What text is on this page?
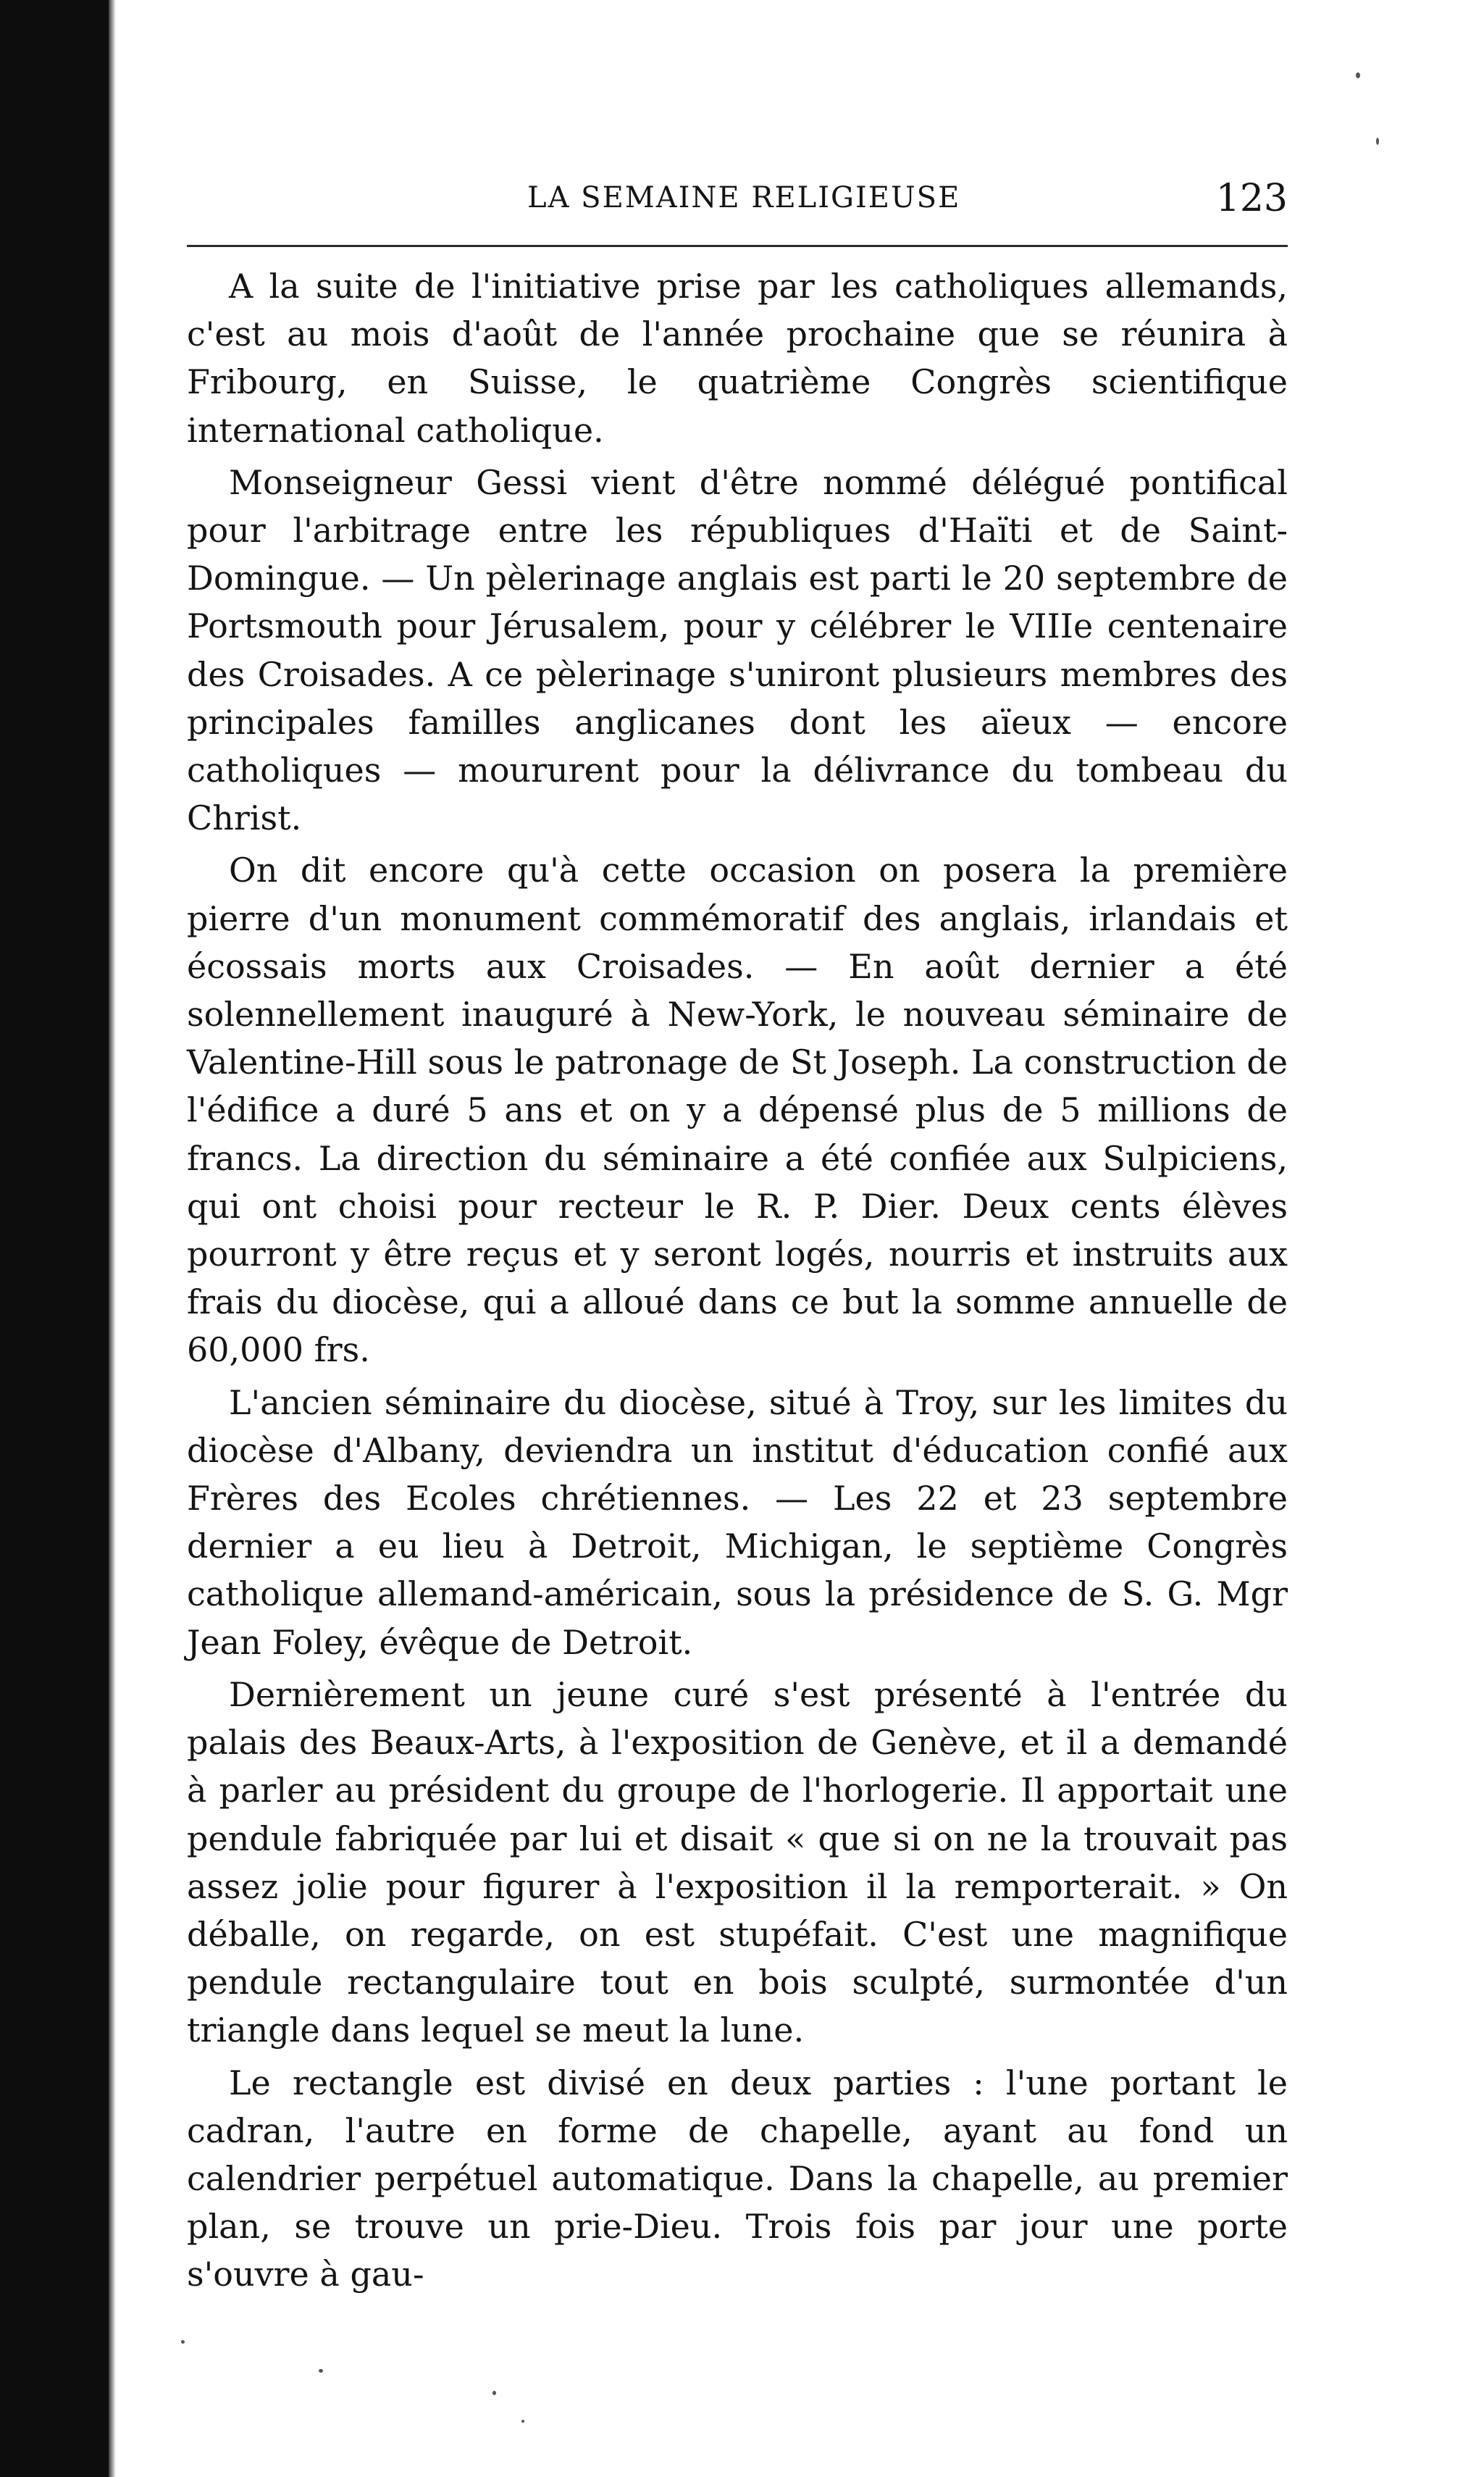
LA SEMAINE RELIGIEUSE	123

A la suite de l'initiative prise par les catholiques allemands, c'est au mois d'août de l'année prochaine que se réunira à Fribourg, en Suisse, le quatrième Congrès scientifique international catholique.

Monseigneur Gessi vient d'être nommé délégué pontifical pour l'arbitrage entre les républiques d'Haïti et de Saint-Domingue. — Un pèlerinage anglais est parti le 20 septembre de Portsmouth pour Jérusalem, pour y célébrer le VIIIe centenaire des Croisades. A ce pèlerinage s'uniront plusieurs membres des principales familles anglicanes dont les aïeux — encore catholiques — moururent pour la délivrance du tombeau du Christ.

On dit encore qu'à cette occasion on posera la première pierre d'un monument commémoratif des anglais, irlandais et écossais morts aux Croisades. — En août dernier a été solennellement inauguré à New-York, le nouveau séminaire de Valentine-Hill sous le patronage de St Joseph. La construction de l'édifice a duré 5 ans et on y a dépensé plus de 5 millions de francs. La direction du séminaire a été confiée aux Sulpiciens, qui ont choisi pour recteur le R. P. Dier. Deux cents élèves pourront y être reçus et y seront logés, nourris et instruits aux frais du diocèse, qui a alloué dans ce but la somme annuelle de 60,000 frs.

L'ancien séminaire du diocèse, situé à Troy, sur les limites du diocèse d'Albany, deviendra un institut d'éducation confié aux Frères des Ecoles chrétiennes. — Les 22 et 23 septembre dernier a eu lieu à Detroit, Michigan, le septième Congrès catholique allemand-américain, sous la présidence de S. G. Mgr Jean Foley, évêque de Detroit.

Dernièrement un jeune curé s'est présenté à l'entrée du palais des Beaux-Arts, à l'exposition de Genève, et il a demandé à parler au président du groupe de l'horlogerie. Il apportait une pendule fabriquée par lui et disait « que si on ne la trouvait pas assez jolie pour figurer à l'exposition il la remporterait. » On déballe, on regarde, on est stupéfait. C'est une magnifique pendule rectangulaire tout en bois sculpté, surmontée d'un triangle dans lequel se meut la lune.

Le rectangle est divisé en deux parties : l'une portant le cadran, l'autre en forme de chapelle, ayant au fond un calendrier perpétuel automatique. Dans la chapelle, au premier plan, se trouve un prie-Dieu. Trois fois par jour une porte s'ouvre à gau-
